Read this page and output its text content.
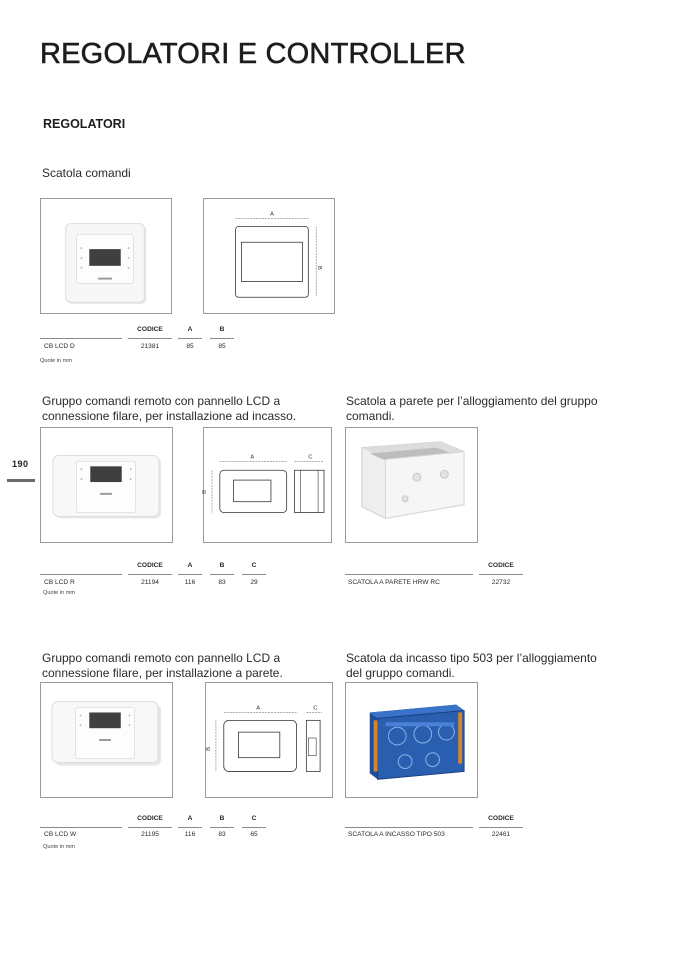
REGOLATORI E CONTROLLER
REGOLATORI
190
Scatola comandi
A
B
CODICE	A	B
CB LCD D	21381	85	85
Quote in mm
Gruppo comandi remoto con pannello LCD a
connessione filare, per installazione ad incasso.
A
B
C
CODICE	A	B	C
CB LCD R	21194	116	83	29
Quote in mm
Scatola a parete per l’alloggiamento del gruppo
comandi.
CODICE
SCATOLA A PARETE HRW RC	22732
Gruppo comandi remoto con pannello LCD a
connessione filare, per installazione a parete.
A
B
C
CODICE	A	B	C
CB LCD W	21195	116	83	65
Quote in mm
Scatola da incasso tipo 503 per l’alloggiamento
del gruppo comandi.
CODICE
SCATOLA A INCASSO TIPO 503	22461
